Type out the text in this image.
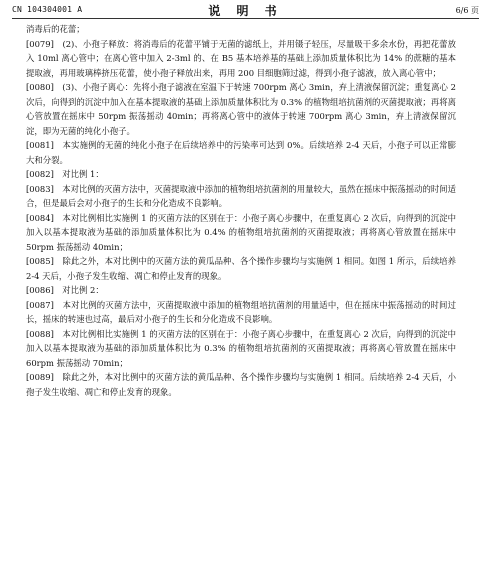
CN 104304001 A	说 明 书	6/6 页

消毒后的花蕾；

[0079]　(2)、小孢子释放：将消毒后的花蕾平铺于无菌的滤纸上，并用镊子轻压，尽量吸干多余水份，再把花蕾放入 10ml 离心管中；在离心管中加入 2-3ml 的、在 B5 基本培养基的基础上添加质量体积比为 14% 的蔗糖的基本提取液，再用玻璃棒挤压花蕾，使小孢子释放出来，再用 200 目细胞筛过滤，得到小孢子滤液，放入离心管中；

[0080]　(3)、小孢子离心：先将小孢子滤液在室温下于转速 700rpm 离心 3min，弃上清液保留沉淀；重复离心 2 次后，向得到的沉淀中加入在基本提取液的基础上添加质量体积比为 0.3% 的植物组培抗菌剂的灭菌提取液；再将离心管放置在摇床中 50rpm 振荡摇动 40min；再将离心管中的液体于转速 700rpm 离心 3min，弃上清液保留沉淀，即为无菌的纯化小孢子。

[0081]　本实施例的无菌的纯化小孢子在后续培养中的污染率可达到 0%。后续培养 2-4 天后，小孢子可以正常膨大和分裂。

[0082]　对比例 1：

[0083]　本对比例的灭菌方法中，灭菌提取液中添加的植物组培抗菌剂的用量较大，虽然在摇床中振荡摇动的时间适合，但是最后会对小孢子的生长和分化造成不良影响。

[0084]　本对比例相比实施例 1 的灭菌方法的区别在于：小孢子离心步骤中，在重复离心 2 次后，向得到的沉淀中加入以基本提取液为基础的添加质量体积比为 0.4% 的植物组培抗菌剂的灭菌提取液；再将离心管放置在摇床中 50rpm 振荡摇动 40min；

[0085]　除此之外，本对比例中的灭菌方法的黄瓜品种、各个操作步骤均与实施例 1 相同。如图 1 所示，后续培养 2-4 天后，小孢子发生收缩、凋亡和停止发育的现象。

[0086]　对比例 2：

[0087]　本对比例的灭菌方法中，灭菌提取液中添加的植物组培抗菌剂的用量适中，但在摇床中振荡摇动的时间过长，摇床的转速也过高，最后对小孢子的生长和分化造成不良影响。

[0088]　本对比例相比实施例 1 的灭菌方法的区别在于：小孢子离心步骤中，在重复离心 2 次后，向得到的沉淀中加入以基本提取液为基础的添加质量体积比为 0.3% 的植物组培抗菌剂的灭菌提取液；再将离心管放置在摇床中 60rpm 振荡摇动 70min；

[0089]　除此之外，本对比例中的灭菌方法的黄瓜品种、各个操作步骤均与实施例 1 相同。后续培养 2-4 天后，小孢子发生收缩、凋亡和停止发育的现象。
